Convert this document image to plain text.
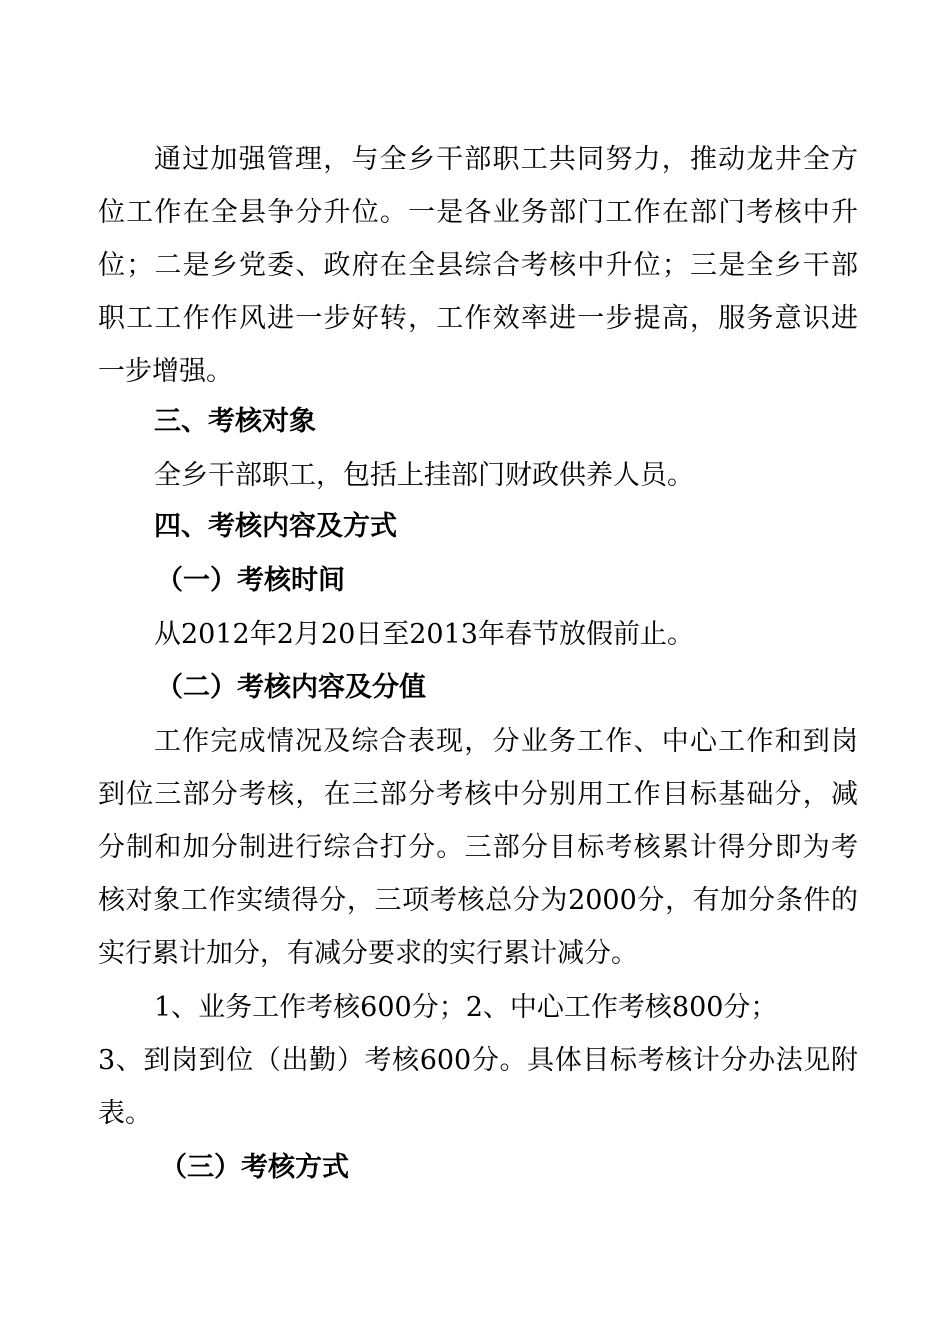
通过加强管理，与全乡干部职工共同努力，推动龙井全方
位工作在全县争分升位。一是各业务部门工作在部门考核中升
位；二是乡党委、政府在全县综合考核中升位；三是全乡干部
职工工作作风进一步好转，工作效率进一步提高，服务意识进
一步增强。
三、考核对象
全乡干部职工，包括上挂部门财政供养人员。
四、考核内容及方式
（一）考核时间
从2012年2月20日至2013年春节放假前止。
（二）考核内容及分值
工作完成情况及综合表现，分业务工作、中心工作和到岗
到位三部分考核，在三部分考核中分别用工作目标基础分，减
分制和加分制进行综合打分。三部分目标考核累计得分即为考
核对象工作实绩得分，三项考核总分为2000分，有加分条件的
实行累计加分，有减分要求的实行累计减分。
1、业务工作考核600分；2、中心工作考核800分；
3、到岗到位（出勤）考核600分。具体目标考核计分办法见附
表。
（三）考核方式
